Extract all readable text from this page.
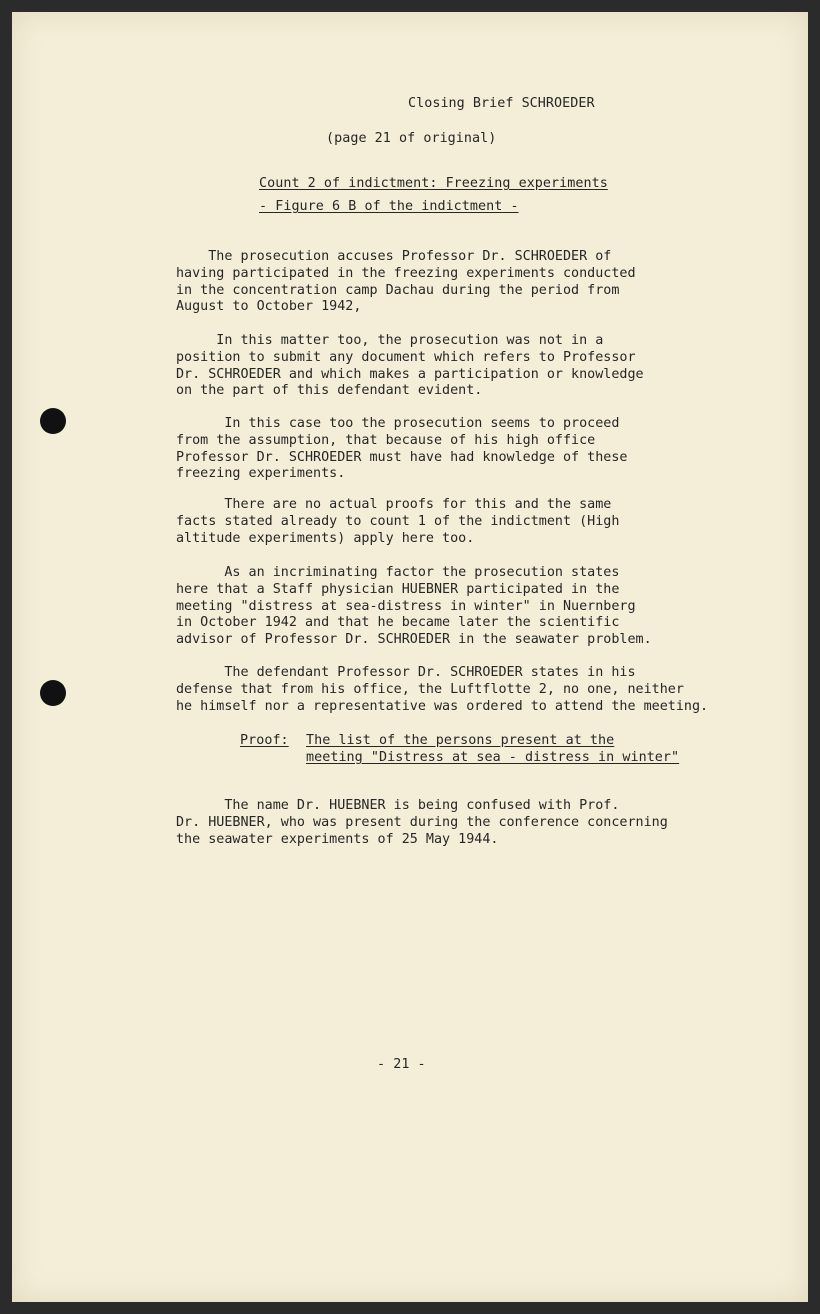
Closing Brief SCHROEDER
(page 21 of original)
Count 2 of indictment: Freezing experiments
- Figure 6 B of the indictment -
The prosecution accuses Professor Dr. SCHROEDER of
having participated in the freezing experiments conducted
in the concentration camp Dachau during the period from
August to October 1942,
In this matter too, the prosecution was not in a
position to submit any document which refers to Professor
Dr. SCHROEDER and which makes a participation or knowledge
on the part of this defendant evident.
In this case too the prosecution seems to proceed
from the assumption, that because of his high office
Professor Dr. SCHROEDER must have had knowledge of these
freezing experiments.
There are no actual proofs for this and the same
facts stated already to count 1 of the indictment (High
altitude experiments) apply here too.
As an incriminating factor the prosecution states
here that a Staff physician HUEBNER participated in the
meeting "distress at sea-distress in winter" in Nuernberg
in October 1942 and that he became later the scientific
advisor of Professor Dr. SCHROEDER in the seawater problem.
The defendant Professor Dr. SCHROEDER states in his
defense that from his office, the Luftflotte 2, no one, neither
he himself nor a representative was ordered to attend the meeting.
Proof: The list of the persons present at the
meeting "Distress at sea - distress in winter"
The name Dr. HUEBNER is being confused with Prof.
Dr. HUEBNER, who was present during the conference concerning
the seawater experiments of 25 May 1944.
- 21 -
